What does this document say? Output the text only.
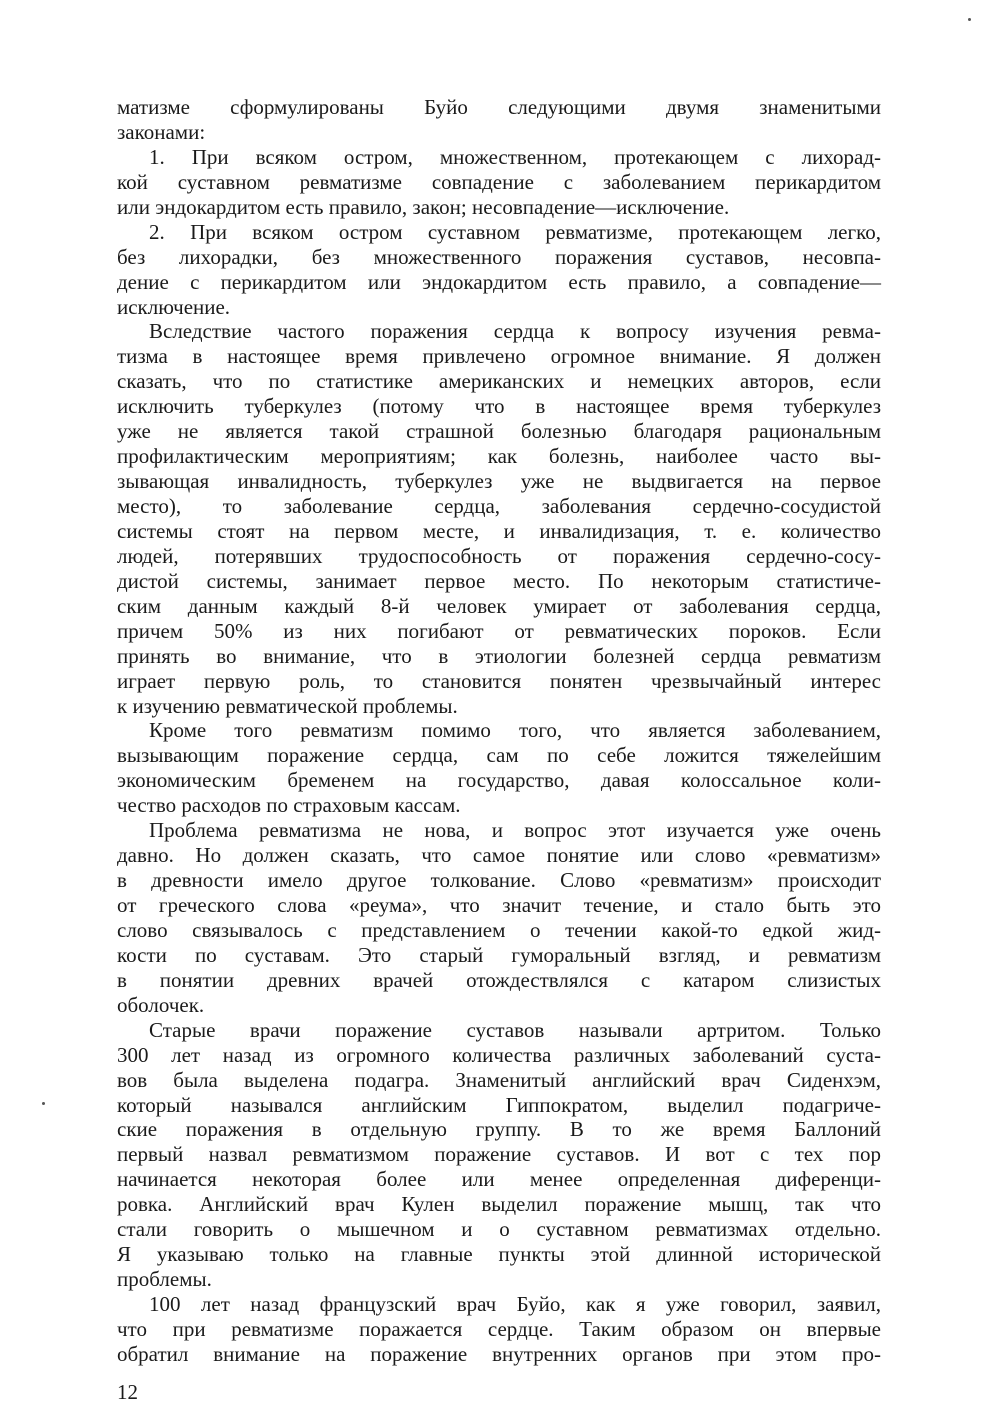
матизме сформулированы Буйо следующими двумя знаменитыми
законами:
1. При всяком остром, множественном, протекающем с лихорад-
кой суставном ревматизме совпадение с заболеванием перикардитом
или эндокардитом есть правило, закон; несовпадение—исключение.
2. При всяком остром суставном ревматизме, протекающем легко,
без лихорадки, без множественного поражения суставов, несовпа-
дение с перикардитом или эндокардитом есть правило, а совпадение—
исключение.
Вследствие частого поражения сердца к вопросу изучения ревма-
тизма в настоящее время привлечено огромное внимание. Я должен
сказать, что по статистике американских и немецких авторов, если
исключить туберкулез (потому что в настоящее время туберкулез
уже не является такой страшной болезнью благодаря рациональным
профилактическим мероприятиям; как болезнь, наиболее часто вы-
зывающая инвалидность, туберкулез уже не выдвигается на первое
место), то заболевание сердца, заболевания сердечно-сосудистой
системы стоят на первом месте, и инвалидизация, т. е. количество
людей, потерявших трудоспособность от поражения сердечно-сосу-
дистой системы, занимает первое место. По некоторым статистиче-
ским данным каждый 8-й человек умирает от заболевания сердца,
причем 50% из них погибают от ревматических пороков. Если
принять во внимание, что в этиологии болезней сердца ревматизм
играет первую роль, то становится понятен чрезвычайный интерес
к изучению ревматической проблемы.
Кроме того ревматизм помимо того, что является заболеванием,
вызывающим поражение сердца, сам по себе ложится тяжелейшим
экономическим бременем на государство, давая колоссальное коли-
чество расходов по страховым кассам.
Проблема ревматизма не нова, и вопрос этот изучается уже очень
давно. Но должен сказать, что самое понятие или слово «ревматизм»
в древности имело другое толкование. Слово «ревматизм» происходит
от греческого слова «реума», что значит течение, и стало быть это
слово связывалось с представлением о течении какой-то едкой жид-
кости по суставам. Это старый гуморальный взгляд, и ревматизм
в понятии древних врачей отождествлялся с катаром слизистых
оболочек.
Старые врачи поражение суставов называли артритом. Только
300 лет назад из огромного количества различных заболеваний суста-
вов была выделена подагра. Знаменитый английский врач Сиденхэм,
который назывался английским Гиппократом, выделил подагриче-
ские поражения в отдельную группу. В то же время Баллоний
первый назвал ревматизмом поражение суставов. И вот с тех пор
начинается некоторая более или менее определенная диференци-
ровка. Английский врач Кулен выделил поражение мышц, так что
стали говорить о мышечном и о суставном ревматизмах отдельно.
Я указываю только на главные пункты этой длинной исторической
проблемы.
100 лет назад французский врач Буйо, как я уже говорил, заявил,
что при ревматизме поражается сердце. Таким образом он впервые
обратил внимание на поражение внутренних органов при этом про-
12
